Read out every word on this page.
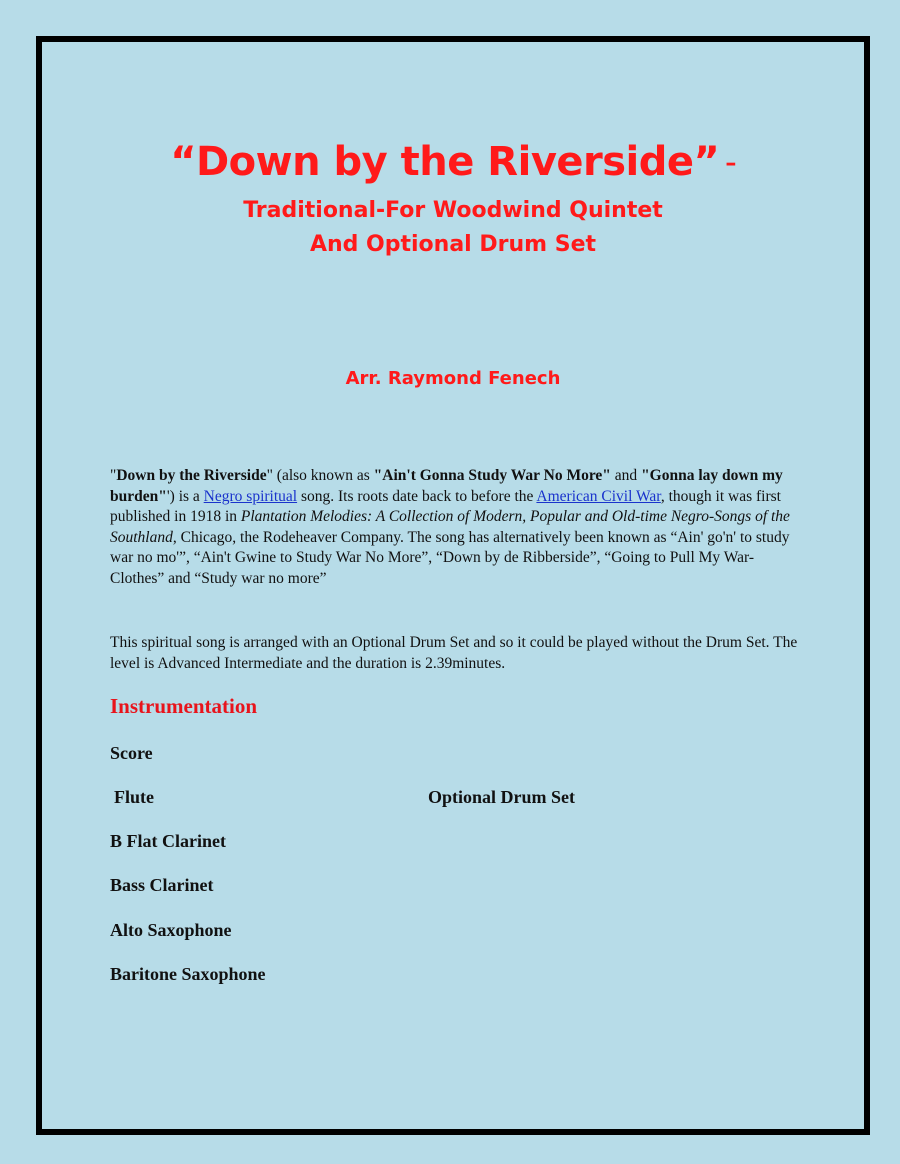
“Down by the Riverside” –
Traditional-For Woodwind Quintet
And Optional Drum Set
Arr. Raymond Fenech
"Down by the Riverside" (also known as "Ain't Gonna Study War No More" and "Gonna lay down my burden"') is a Negro spiritual song. Its roots date back to before the American Civil War, though it was first published in 1918 in Plantation Melodies: A Collection of Modern, Popular and Old-time Negro-Songs of the Southland, Chicago, the Rodeheaver Company. The song has alternatively been known as “Ain' go'n' to study war no mo'”, “Ain't Gwine to Study War No More”, “Down by de Ribberside”, “Going to Pull My War-Clothes” and “Study war no more”
This spiritual song is arranged with an Optional Drum Set and so it could be played without the Drum Set. The level is Advanced Intermediate and the duration is 2.39minutes.
Instrumentation
Score
Flute	Optional Drum Set
B Flat Clarinet
Bass Clarinet
Alto Saxophone
Baritone Saxophone
